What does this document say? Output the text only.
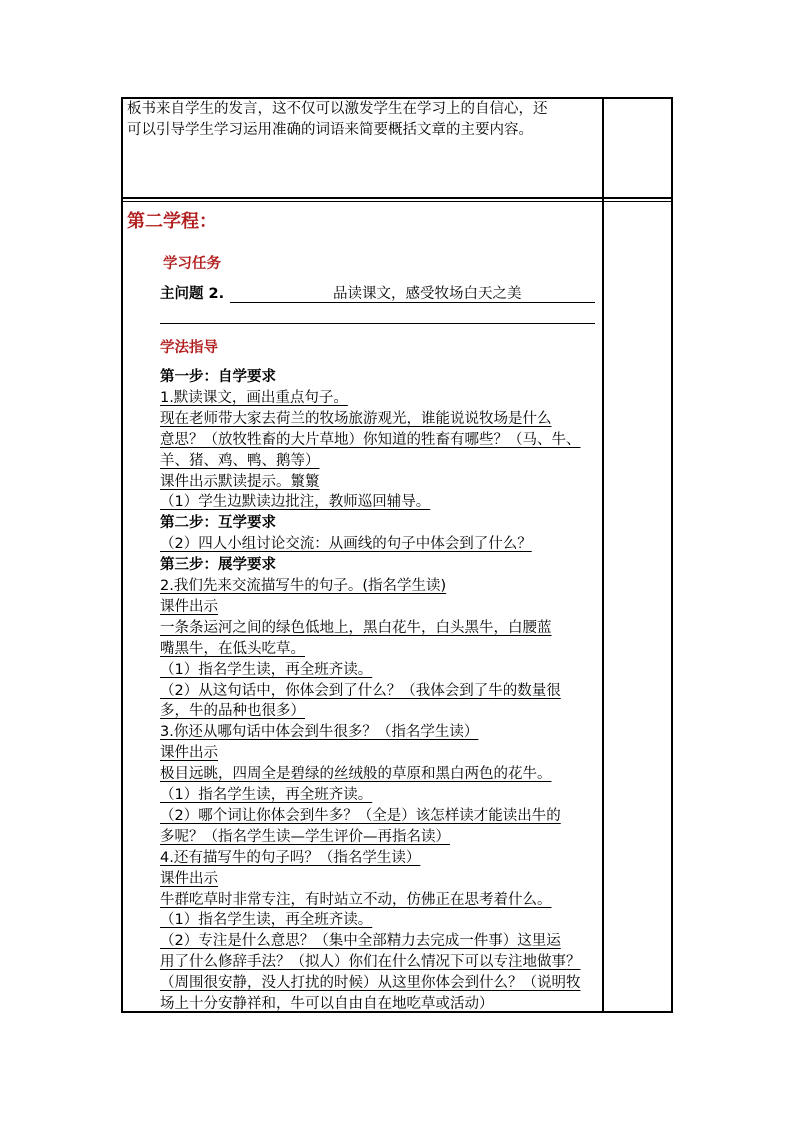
板书来自学生的发言，这不仅可以激发学生在学习上的自信心，还
可以引导学生学习运用准确的词语来简要概括文章的主要内容。
第二学程：
学习任务
主问题 2.	品读课文，感受牧场白天之美
学法指导
第一步：自学要求
1.默读课文，画出重点句子。
现在老师带大家去荷兰的牧场旅游观光，谁能说说牧场是什么
意思？（放牧牲畜的大片草地）你知道的牲畜有哪些？（马、牛、
羊、猪、鸡、鸭、鹅等）
课件出示默读提示。瀪瀪
（1）学生边默读边批注，教师巡回辅导。
第二步：互学要求
（2）四人小组讨论交流：从画线的句子中体会到了什么？
第三步：展学要求
2.我们先来交流描写牛的句子。(指名学生读)
课件出示
一条条运河之间的绿色低地上，黑白花牛，白头黑牛，白腰蓝
嘴黑牛，在低头吃草。
（1）指名学生读，再全班齐读。
（2）从这句话中，你体会到了什么？（我体会到了牛的数量很
多，牛的品种也很多）
3.你还从哪句话中体会到牛很多？（指名学生读）
课件出示
极目远眺，四周全是碧绿的丝绒般的草原和黑白两色的花牛。
（1）指名学生读，再全班齐读。
（2）哪个词让你体会到牛多？（全是）该怎样读才能读出牛的
多呢？（指名学生读—学生评价—再指名读）
4.还有描写牛的句子吗？（指名学生读）
课件出示
牛群吃草时非常专注，有时站立不动，仿佛正在思考着什么。
（1）指名学生读，再全班齐读。
（2）专注是什么意思？（集中全部精力去完成一件事）这里运
用了什么修辞手法？（拟人）你们在什么情况下可以专注地做事？
（周围很安静，没人打扰的时候）从这里你体会到什么？（说明牧
场上十分安静祥和，牛可以自由自在地吃草或活动）
